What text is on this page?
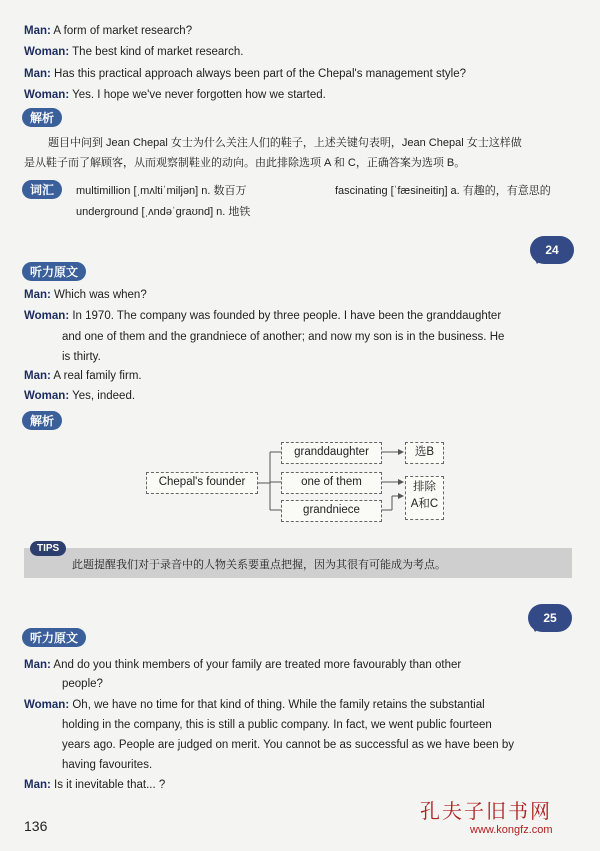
Man: A form of market research?
Woman: The best kind of market research.
Man: Has this practical approach always been part of the Chepal's management style?
Woman: Yes. I hope we've never forgotten how we started.
解析
题目中问到 Jean Chepal 女士为什么关注人们的鞋子，上述关键句表明，Jean Chepal 女士这样做
是从鞋子而了解顾客，从而观察制鞋业的动向。由此排除选项 A 和 C，正确答案为选项 B。
词汇	multimillion [ˌmʌltiˈmiljən] n. 数百万	fascinating [ˈfæsineitiŋ] a. 有趣的，有意思的
underground [ˌʌndəˈgraʊnd] n. 地铁
24
听力原文
Man: Which was when?
Woman: In 1970. The company was founded by three people. I have been the granddaughter
and one of them and the grandniece of another; and now my son is in the business. He
is thirty.
Man: A real family firm.
Woman: Yes, indeed.
解析
Chepal's founder
granddaughter
one of them
grandniece
选B
排除
A和C
TIPS
此题提醒我们对于录音中的人物关系要重点把握，因为其很有可能成为考点。
25
听力原文
Man: And do you think members of your family are treated more favourably than other
people?
Woman: Oh, we have no time for that kind of thing. While the family retains the substantial
holding in the company, this is still a public company. In fact, we went public fourteen
years ago. People are judged on merit. You cannot be as successful as we have been by
having favourites.
Man: Is it inevitable that... ?
136
孔夫子旧书网
www.kongfz.com
